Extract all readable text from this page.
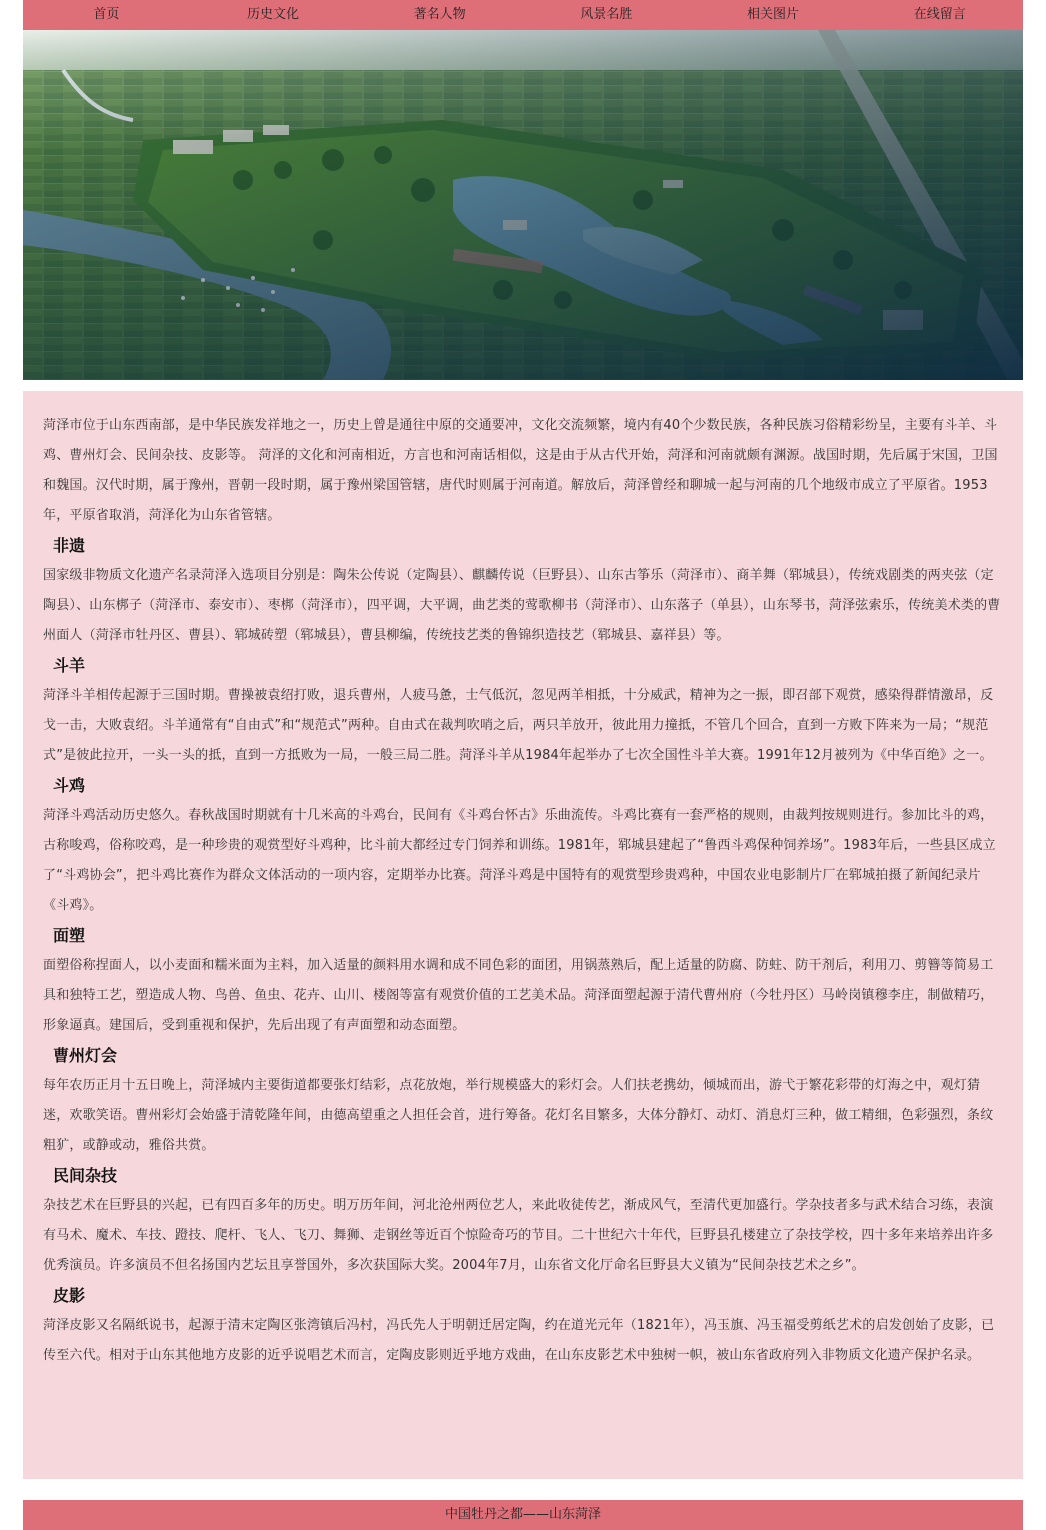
首页	历史文化	著名人物	风景名胜	相关图片	在线留言

菏泽市位于山东西南部，是中华民族发祥地之一，历史上曾是通往中原的交通要冲，文化交流频繁，境内有40个少数民族，各种民族习俗精彩纷呈，主要有斗羊、斗鸡、曹州灯会、民间杂技、皮影等。 菏泽的文化和河南相近，方言也和河南话相似，这是由于从古代开始，菏泽和河南就颇有渊源。战国时期，先后属于宋国，卫国和魏国。汉代时期，属于豫州，晋朝一段时期，属于豫州梁国管辖，唐代时则属于河南道。解放后，菏泽曾经和聊城一起与河南的几个地级市成立了平原省。1953年，平原省取消，菏泽化为山东省管辖。

非遗

国家级非物质文化遗产名录菏泽入选项目分别是：陶朱公传说（定陶县）、麒麟传说（巨野县）、山东古筝乐（菏泽市）、商羊舞（郓城县），传统戏剧类的两夹弦（定陶县）、山东梆子（菏泽市、泰安市）、枣梆（菏泽市），四平调，大平调，曲艺类的莺歌柳书（菏泽市）、山东落子（单县），山东琴书，菏泽弦索乐，传统美术类的曹州面人（菏泽市牡丹区、曹县）、郓城砖塑（郓城县），曹县柳编，传统技艺类的鲁锦织造技艺（郓城县、嘉祥县）等。

斗羊

菏泽斗羊相传起源于三国时期。曹操被袁绍打败，退兵曹州，人疲马惫，士气低沉，忽见两羊相抵，十分威武，精神为之一振，即召部下观赏，感染得群情激昂，反戈一击，大败袁绍。斗羊通常有“自由式”和“规范式”两种。自由式在裁判吹哨之后，两只羊放开，彼此用力撞抵，不管几个回合，直到一方败下阵来为一局；“规范式”是彼此拉开，一头一头的抵，直到一方抵败为一局，一般三局二胜。菏泽斗羊从1984年起举办了七次全国性斗羊大赛。1991年12月被列为《中华百绝》之一。

斗鸡

菏泽斗鸡活动历史悠久。春秋战国时期就有十几米高的斗鸡台，民间有《斗鸡台怀古》乐曲流传。斗鸡比赛有一套严格的规则，由裁判按规则进行。参加比斗的鸡，古称唆鸡，俗称咬鸡，是一种珍贵的观赏型好斗鸡种，比斗前大都经过专门饲养和训练。1981年，郓城县建起了“鲁西斗鸡保种饲养场”。1983年后，一些县区成立了“斗鸡协会”，把斗鸡比赛作为群众文体活动的一项内容，定期举办比赛。菏泽斗鸡是中国特有的观赏型珍贵鸡种，中国农业电影制片厂在郓城拍摄了新闻纪录片《斗鸡》。

面塑

面塑俗称捏面人，以小麦面和糯米面为主料，加入适量的颜料用水调和成不同色彩的面团，用锅蒸熟后，配上适量的防腐、防蛀、防干剂后，利用刀、剪簪等简易工具和独特工艺，塑造成人物、鸟兽、鱼虫、花卉、山川、楼阁等富有观赏价值的工艺美术品。菏泽面塑起源于清代曹州府（今牡丹区）马岭岗镇穆李庄，制做精巧，形象逼真。建国后，受到重视和保护，先后出现了有声面塑和动态面塑。

曹州灯会

每年农历正月十五日晚上，菏泽城内主要街道都要张灯结彩，点花放炮，举行规模盛大的彩灯会。人们扶老携幼，倾城而出，游弋于繁花彩带的灯海之中，观灯猜迷，欢歌笑语。曹州彩灯会始盛于清乾隆年间，由德高望重之人担任会首，进行筹备。花灯名目繁多，大体分静灯、动灯、消息灯三种，做工精细，色彩强烈，条纹粗犷，或静或动，雅俗共赏。

民间杂技

杂技艺术在巨野县的兴起，已有四百多年的历史。明万历年间，河北沧州两位艺人，来此收徒传艺，渐成风气，至清代更加盛行。学杂技者多与武术结合习练，表演有马术、魔术、车技、蹬技、爬杆、飞人、飞刀、舞狮、走钢丝等近百个惊险奇巧的节目。二十世纪六十年代，巨野县孔楼建立了杂技学校，四十多年来培养出许多优秀演员。许多演员不但名扬国内艺坛且享誉国外，多次获国际大奖。2004年7月，山东省文化厅命名巨野县大义镇为“民间杂技艺术之乡”。

皮影

菏泽皮影又名隔纸说书，起源于清末定陶区张湾镇后冯村，冯氏先人于明朝迁居定陶，约在道光元年（1821年），冯玉旗、冯玉福受剪纸艺术的启发创始了皮影，已传至六代。相对于山东其他地方皮影的近乎说唱艺术而言，定陶皮影则近乎地方戏曲，在山东皮影艺术中独树一帜，被山东省政府列入非物质文化遗产保护名录。

中国牡丹之都——山东菏泽
